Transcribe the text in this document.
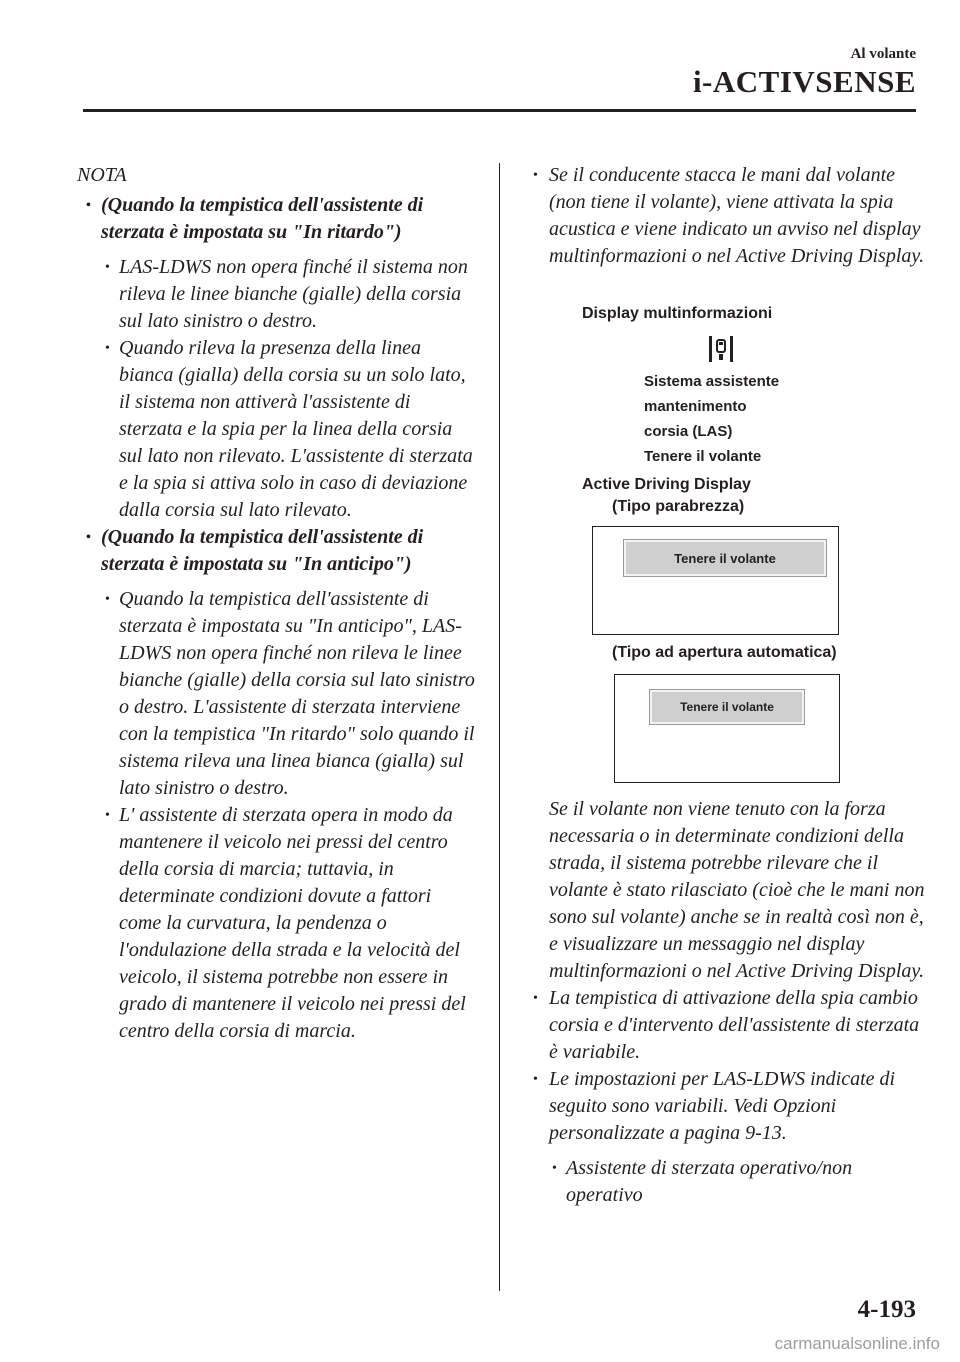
Al volante
i-ACTIVSENSE
NOTA
• (Quando la tempistica dell'assistente di sterzata è impostata su "In ritardo")
• LAS-LDWS non opera finché il sistema non rileva le linee bianche (gialle) della corsia sul lato sinistro o destro.
• Quando rileva la presenza della linea bianca (gialla) della corsia su un solo lato, il sistema non attiverà l'assistente di sterzata e la spia per la linea della corsia sul lato non rilevato. L'assistente di sterzata e la spia si attiva solo in caso di deviazione dalla corsia sul lato rilevato.
• (Quando la tempistica dell'assistente di sterzata è impostata su "In anticipo")
• Quando la tempistica dell'assistente di sterzata è impostata su "In anticipo", LAS-LDWS non opera finché non rileva le linee bianche (gialle) della corsia sul lato sinistro o destro. L'assistente di sterzata interviene con la tempistica "In ritardo" solo quando il sistema rileva una linea bianca (gialla) sul lato sinistro o destro.
• L' assistente di sterzata opera in modo da mantenere il veicolo nei pressi del centro della corsia di marcia; tuttavia, in determinate condizioni dovute a fattori come la curvatura, la pendenza o l'ondulazione della strada e la velocità del veicolo, il sistema potrebbe non essere in grado di mantenere il veicolo nei pressi del centro della corsia di marcia.
• Se il conducente stacca le mani dal volante (non tiene il volante), viene attivata la spia acustica e viene indicato un avviso nel display multinformazioni o nel Active Driving Display.
Display multinformazioni
Sistema assistente
mantenimento
corsia (LAS)
Tenere il volante
Active Driving Display
(Tipo parabrezza)
Tenere il volante
(Tipo ad apertura automatica)
Tenere il volante
Se il volante non viene tenuto con la forza necessaria o in determinate condizioni della strada, il sistema potrebbe rilevare che il volante è stato rilasciato (cioè che le mani non sono sul volante) anche se in realtà così non è, e visualizzare un messaggio nel display multinformazioni o nel Active Driving Display.
• La tempistica di attivazione della spia cambio corsia e d'intervento dell'assistente di sterzata è variabile.
• Le impostazioni per LAS-LDWS indicate di seguito sono variabili. Vedi Opzioni personalizzate a pagina 9-13.
• Assistente di sterzata operativo/non operativo
4-193
carmanualsonline.info
